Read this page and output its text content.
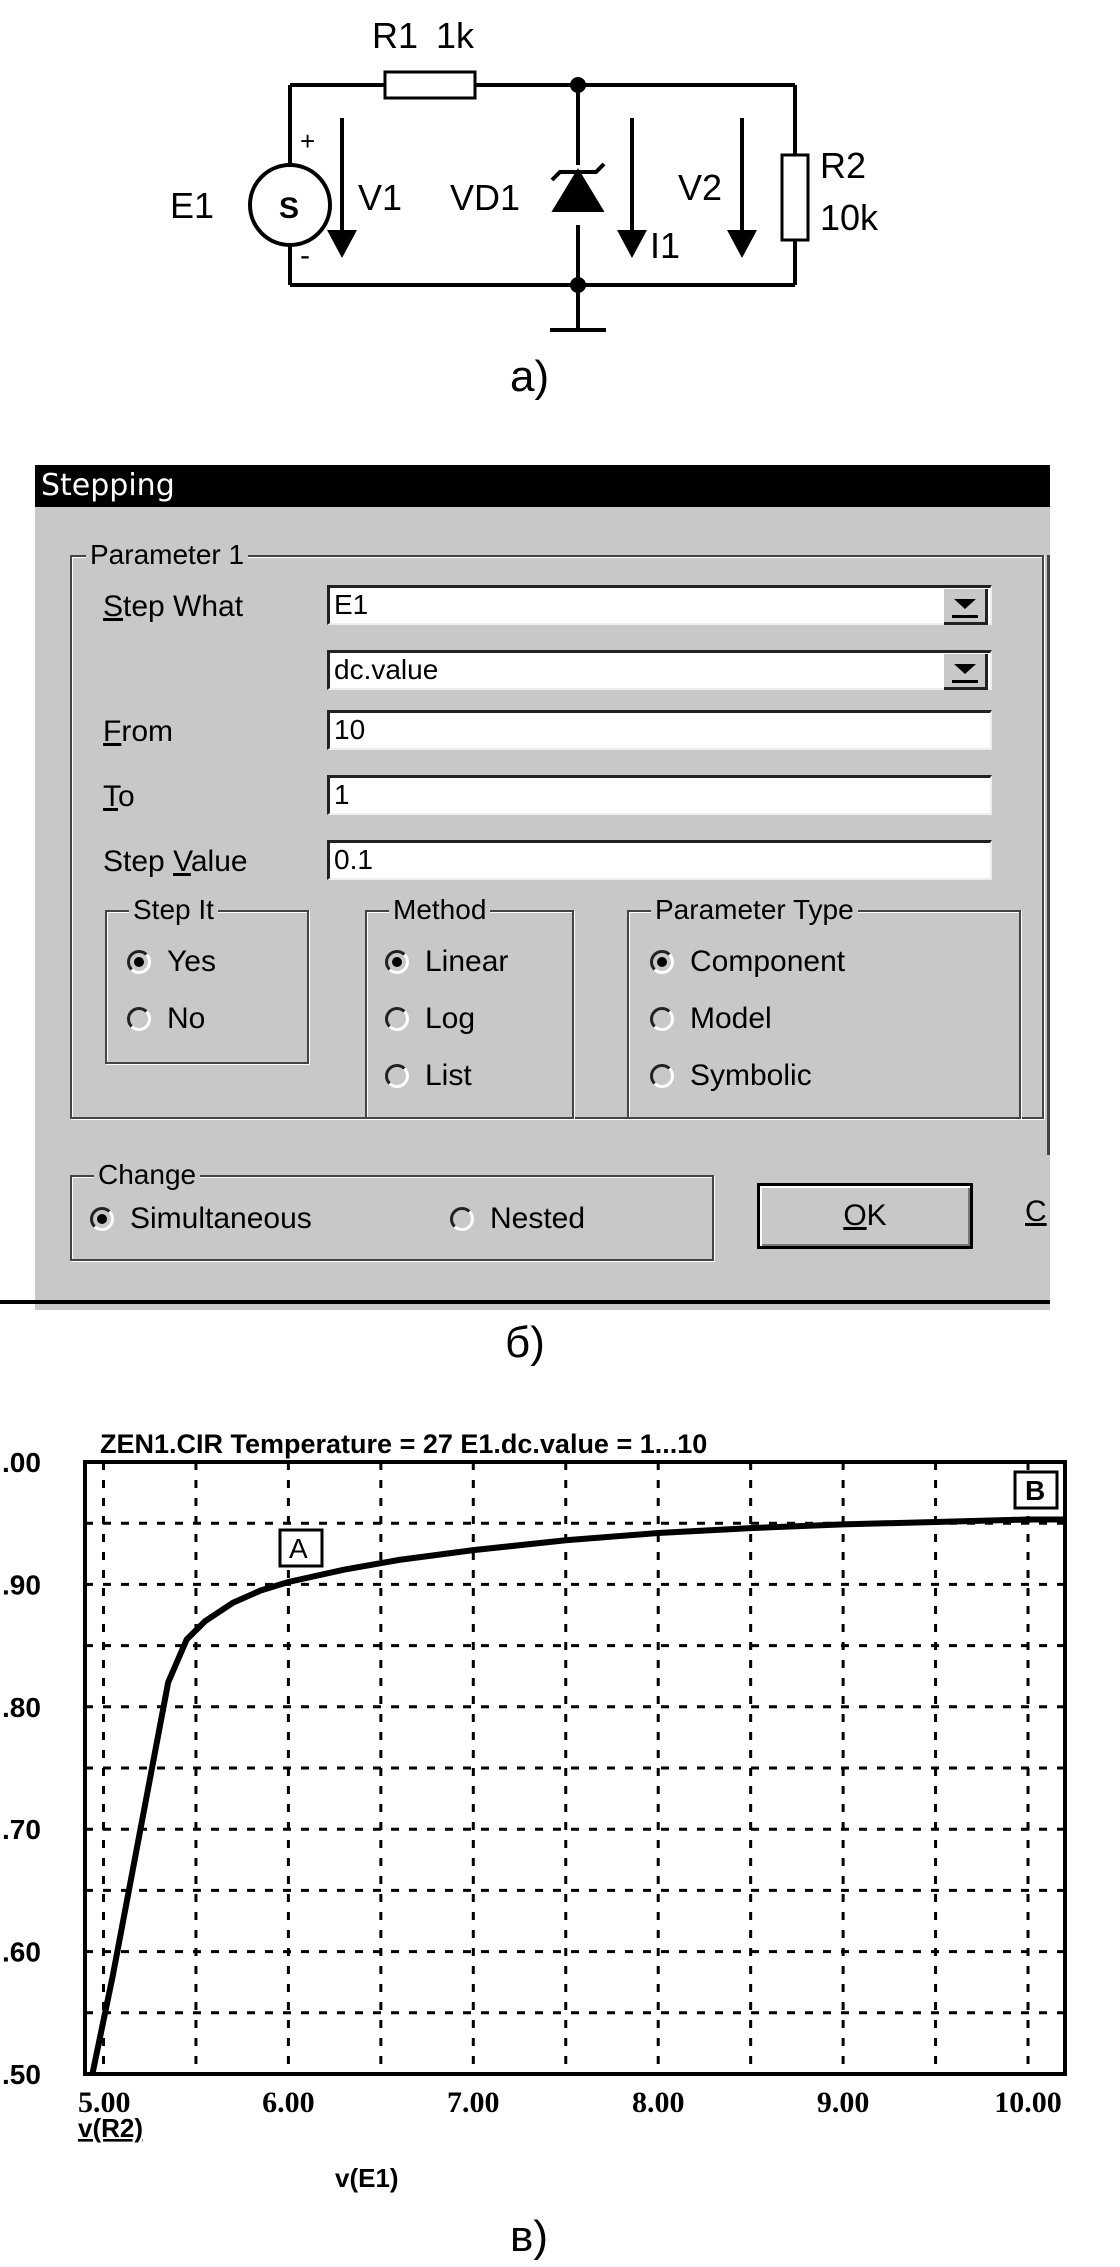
R1 1k
E1 S
+
-
V1 VD1
I1
V2
R2
10k
а)
Stepping
Parameter 1
Step What	E1
dc.value
From	10
To	1
Step Value	0.1
Step It
Yes
No
Method
Linear
Log
List
Parameter Type
Component
Model
Symbolic
Change
Simultaneous	Nested	OK	C
б)
.50
.60
.70
.80
.90
.00
5.00	6.00	7.00	8.00	9.00	10.00
ZEN1.CIR Temperature = 27 E1.dc.value = 1...10
A
B
v(R2)
v(E1)
в)
